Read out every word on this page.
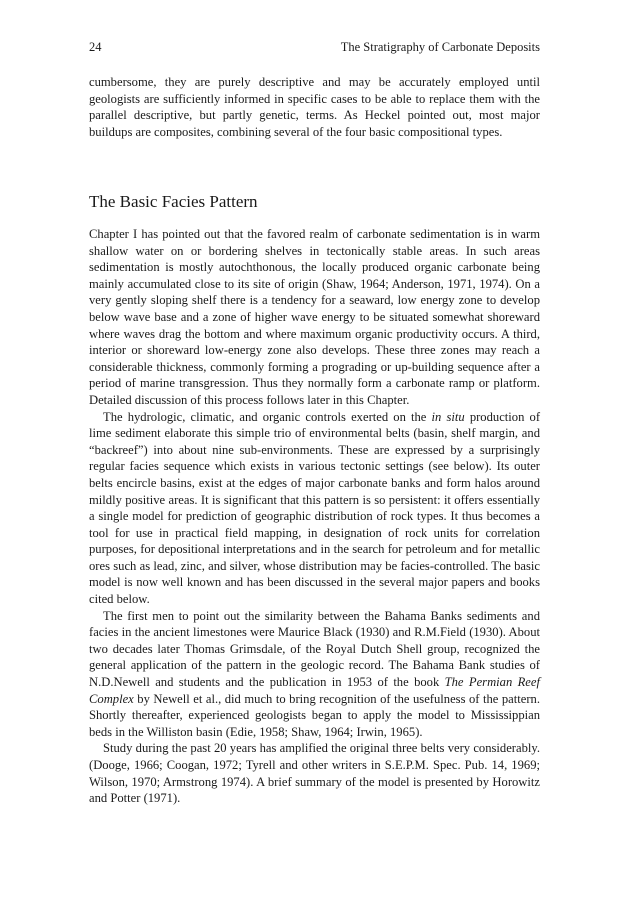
24	The Stratigraphy of Carbonate Deposits

cumbersome, they are purely descriptive and may be accurately employed until geologists are sufficiently informed in specific cases to be able to replace them with the parallel descriptive, but partly genetic, terms. As Heckel pointed out, most major buildups are composites, combining several of the four basic compositional types.

The Basic Facies Pattern

Chapter I has pointed out that the favored realm of carbonate sedimentation is in warm shallow water on or bordering shelves in tectonically stable areas. In such areas sedimentation is mostly autochthonous, the locally produced organic carbonate being mainly accumulated close to its site of origin (Shaw, 1964; Anderson, 1971, 1974). On a very gently sloping shelf there is a tendency for a seaward, low energy zone to develop below wave base and a zone of higher wave energy to be situated somewhat shoreward where waves drag the bottom and where maximum organic productivity occurs. A third, interior or shoreward low-energy zone also develops. These three zones may reach a considerable thickness, commonly forming a prograding or up-building sequence after a period of marine transgression. Thus they normally form a carbonate ramp or platform. Detailed discussion of this process follows later in this Chapter.

The hydrologic, climatic, and organic controls exerted on the in situ production of lime sediment elaborate this simple trio of environmental belts (basin, shelf margin, and “backreef”) into about nine sub-environments. These are expressed by a surprisingly regular facies sequence which exists in various tectonic settings (see below). Its outer belts encircle basins, exist at the edges of major carbonate banks and form halos around mildly positive areas. It is significant that this pattern is so persistent: it offers essentially a single model for prediction of geographic distribution of rock types. It thus becomes a tool for use in practical field mapping, in designation of rock units for correlation purposes, for depositional interpretations and in the search for petroleum and for metallic ores such as lead, zinc, and silver, whose distribution may be facies-controlled. The basic model is now well known and has been discussed in the several major papers and books cited below.

The first men to point out the similarity between the Bahama Banks sediments and facies in the ancient limestones were Maurice Black (1930) and R.M.Field (1930). About two decades later Thomas Grimsdale, of the Royal Dutch Shell group, recognized the general application of the pattern in the geologic record. The Bahama Bank studies of N.D.Newell and students and the publication in 1953 of the book The Permian Reef Complex by Newell et al., did much to bring recognition of the usefulness of the pattern. Shortly thereafter, experienced geologists began to apply the model to Mississippian beds in the Williston basin (Edie, 1958; Shaw, 1964; Irwin, 1965).

Study during the past 20 years has amplified the original three belts very considerably. (Dooge, 1966; Coogan, 1972; Tyrell and other writers in S.E.P.M. Spec. Pub. 14, 1969; Wilson, 1970; Armstrong 1974). A brief summary of the model is presented by Horowitz and Potter (1971).
